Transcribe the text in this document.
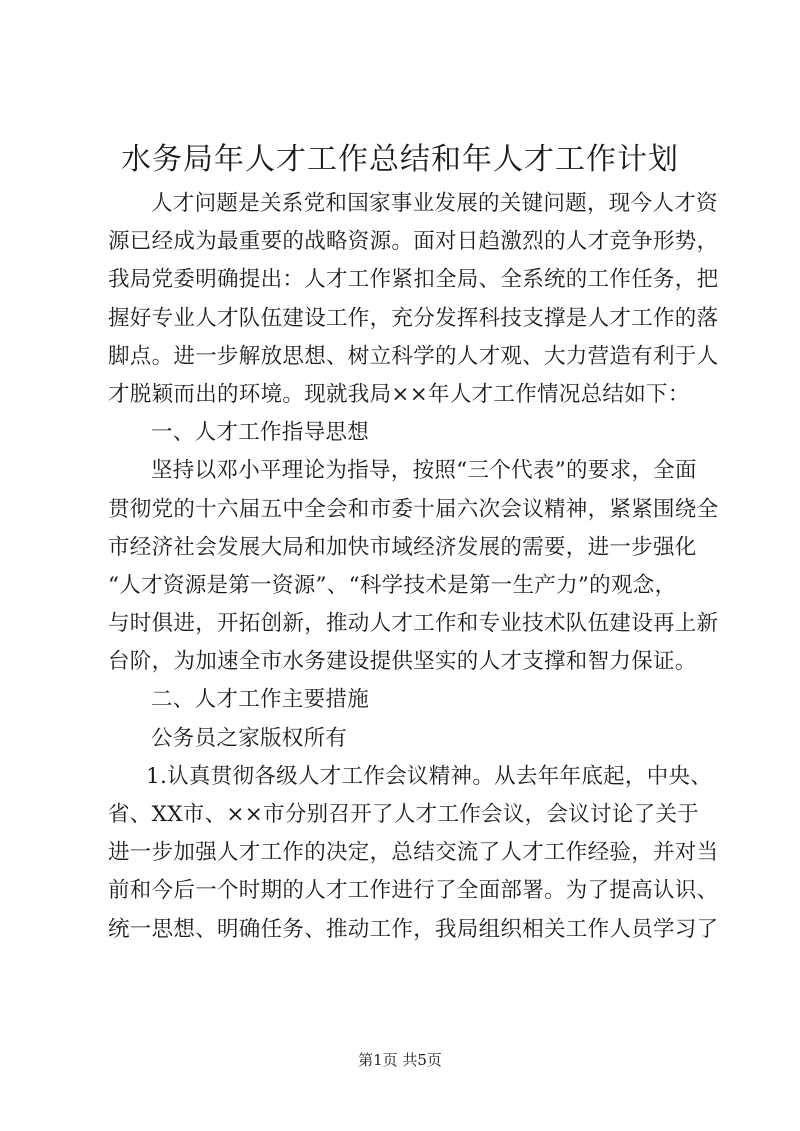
水务局年人才工作总结和年人才工作计划
人才问题是关系党和国家事业发展的关键问题，现今人才资
源已经成为最重要的战略资源。面对日趋激烈的人才竞争形势，
我局党委明确提出：人才工作紧扣全局、全系统的工作任务，把
握好专业人才队伍建设工作，充分发挥科技支撑是人才工作的落
脚点。进一步解放思想、树立科学的人才观、大力营造有利于人
才脱颖而出的环境。现就我局××年人才工作情况总结如下：
一、人才工作指导思想
坚持以邓小平理论为指导，按照“三个代表”的要求，全面
贯彻党的十六届五中全会和市委十届六次会议精神，紧紧围绕全
市经济社会发展大局和加快市域经济发展的需要，进一步强化
“人才资源是第一资源”、“科学技术是第一生产力”的观念，
与时俱进，开拓创新，推动人才工作和专业技术队伍建设再上新
台阶，为加速全市水务建设提供坚实的人才支撑和智力保证。
二、人才工作主要措施
公务员之家版权所有
1.认真贯彻各级人才工作会议精神。从去年年底起，中央、
省、XX市、××市分别召开了人才工作会议，会议讨论了关于
进一步加强人才工作的决定，总结交流了人才工作经验，并对当
前和今后一个时期的人才工作进行了全面部署。为了提高认识、
统一思想、明确任务、推动工作，我局组织相关工作人员学习了
第1页 共5页
